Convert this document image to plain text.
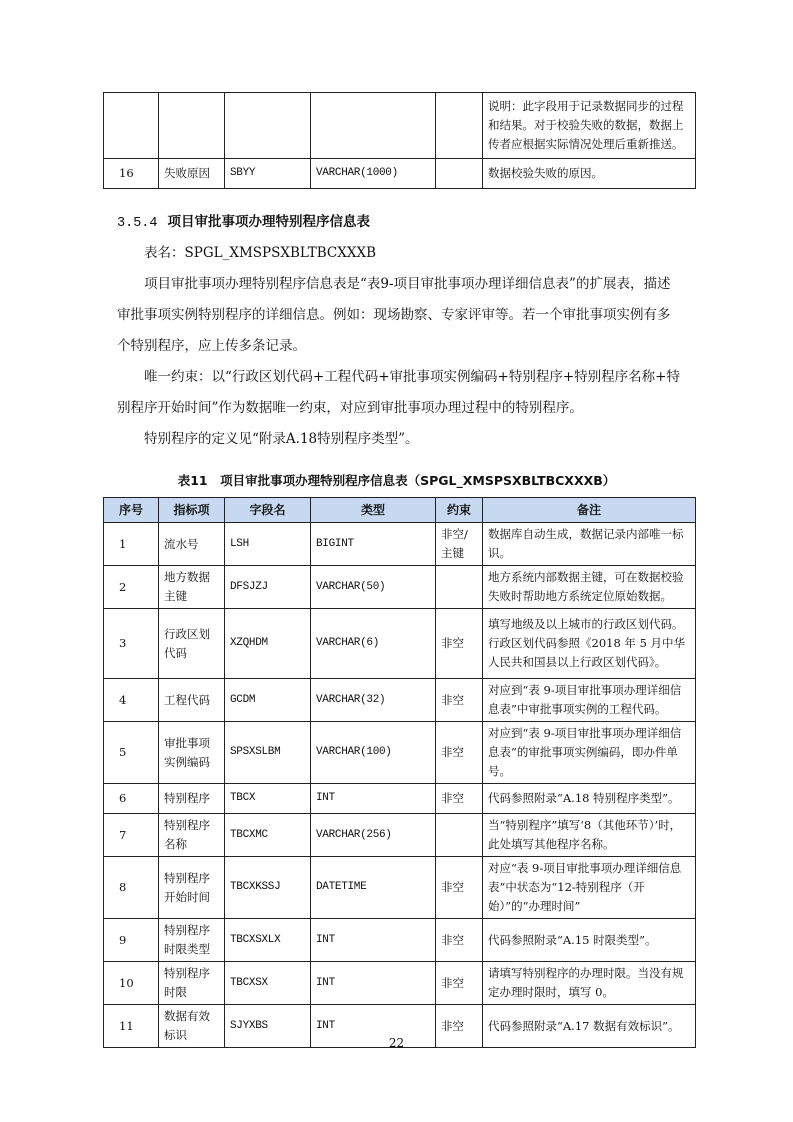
					说明：此字段用于记录数据同步的过程和结果。对于校验失败的数据，数据上传者应根据实际情况处理后重新推送。
16	失败原因	SBYY	VARCHAR(1000)		数据校验失败的原因。
3.5.4 项目审批事项办理特别程序信息表
表名：SPGL_XMSPSXBLTBCXXXB
项目审批事项办理特别程序信息表是“表9-项目审批事项办理详细信息表”的扩展表，描述审批事项实例特别程序的详细信息。例如：现场勘察、专家评审等。若一个审批事项实例有多个特别程序，应上传多条记录。
唯一约束：以“行政区划代码+工程代码+审批事项实例编码+特别程序+特别程序名称+特别程序开始时间”作为数据唯一约束，对应到审批事项办理过程中的特别程序。
特别程序的定义见“附录A.18特别程序类型”。
表11　项目审批事项办理特别程序信息表（SPGL_XMSPSXBLTBCXXXB）
序号	指标项	字段名	类型	约束	备注
1	流水号	LSH	BIGINT	非空/主键	数据库自动生成，数据记录内部唯一标识。
2	地方数据主键	DFSJZJ	VARCHAR(50)		地方系统内部数据主键，可在数据校验失败时帮助地方系统定位原始数据。
3	行政区划代码	XZQHDM	VARCHAR(6)	非空	填写地级及以上城市的行政区划代码。行政区划代码参照《2018 年 5 月中华人民共和国县以上行政区划代码》。
4	工程代码	GCDM	VARCHAR(32)	非空	对应到“表 9-项目审批事项办理详细信息表”中审批事项实例的工程代码。
5	审批事项实例编码	SPSXSLBM	VARCHAR(100)	非空	对应到“表 9-项目审批事项办理详细信息表”的审批事项实例编码，即办件单号。
6	特别程序	TBCX	INT	非空	代码参照附录“A.18 特别程序类型”。
7	特别程序名称	TBCXMC	VARCHAR(256)		当“特别程序”填写‘8（其他环节）’时，此处填写其他程序名称。
8	特别程序开始时间	TBCXKSSJ	DATETIME	非空	对应“表 9-项目审批事项办理详细信息表”中状态为“12-特别程序（开始）”的“办理时间”
9	特别程序时限类型	TBCXSXLX	INT	非空	代码参照附录“A.15 时限类型”。
10	特别程序时限	TBCXSX	INT	非空	请填写特别程序的办理时限。当没有规定办理时限时，填写 0。
11	数据有效标识	SJYXBS	INT	非空	代码参照附录“A.17 数据有效标识”。
22
